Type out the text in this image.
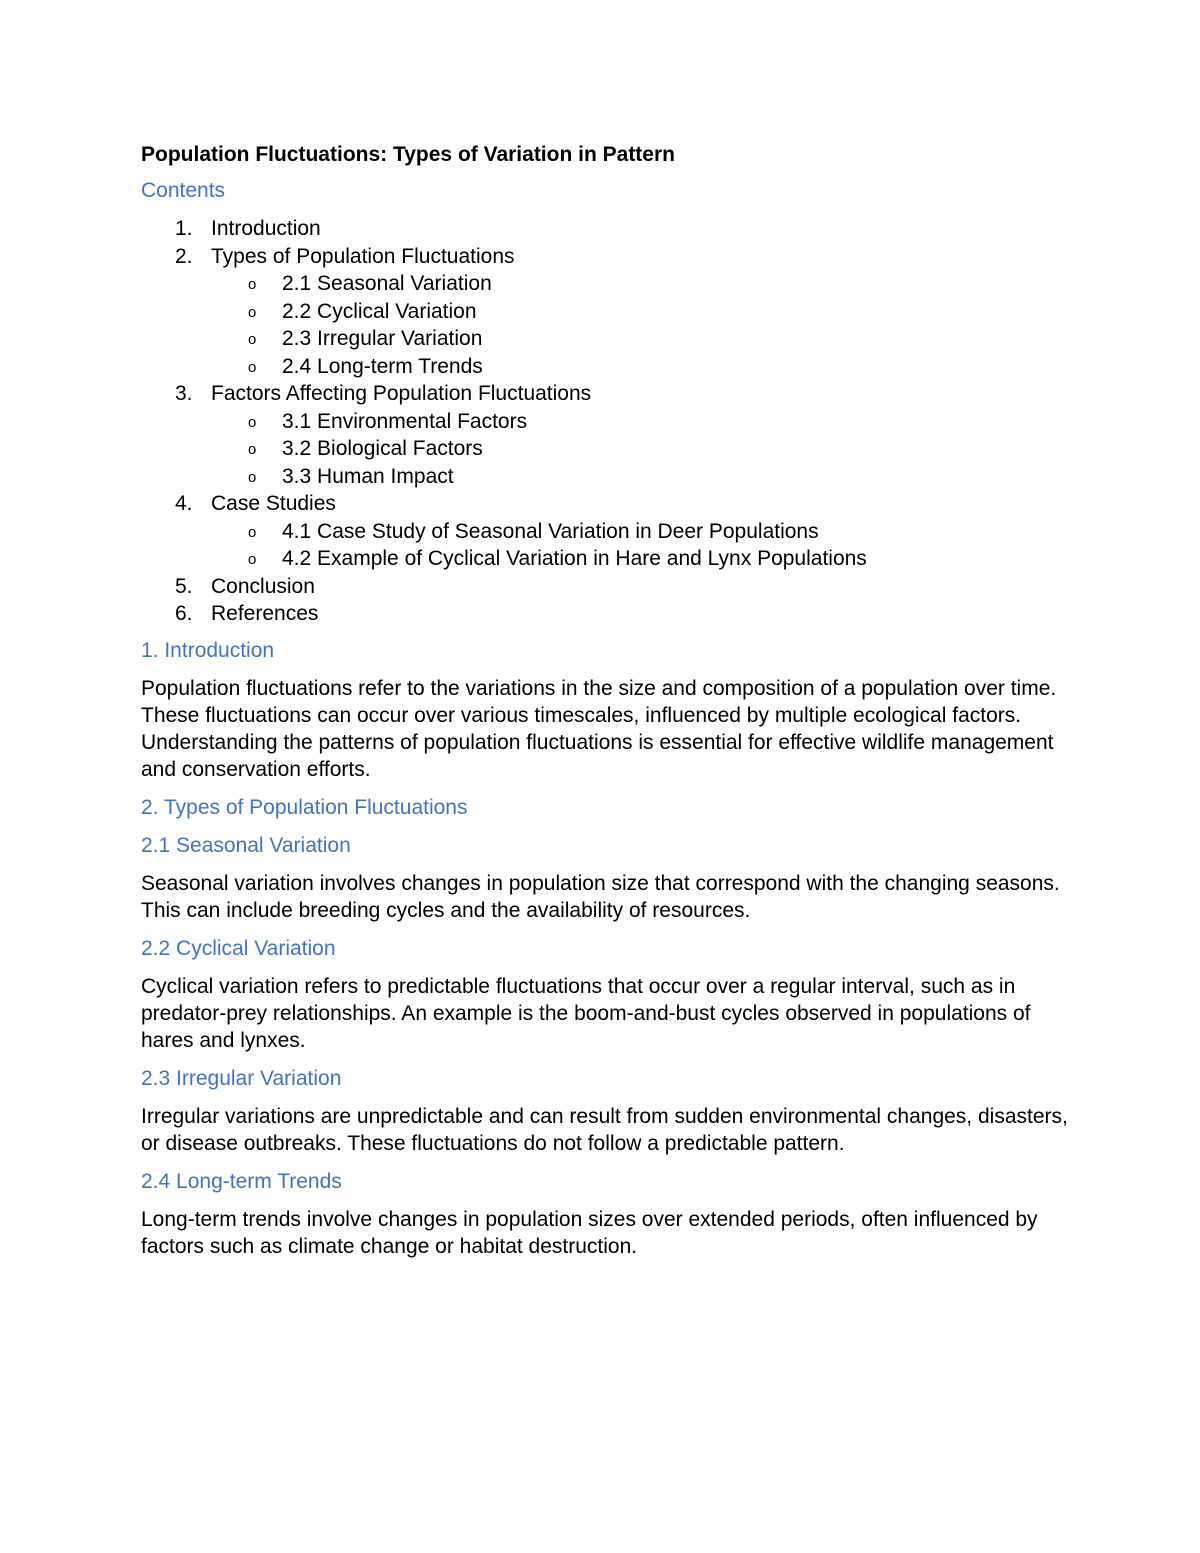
Population Fluctuations: Types of Variation in Pattern
Contents
1. Introduction
2. Types of Population Fluctuations
o 2.1 Seasonal Variation
o 2.2 Cyclical Variation
o 2.3 Irregular Variation
o 2.4 Long-term Trends
3. Factors Affecting Population Fluctuations
o 3.1 Environmental Factors
o 3.2 Biological Factors
o 3.3 Human Impact
4. Case Studies
o 4.1 Case Study of Seasonal Variation in Deer Populations
o 4.2 Example of Cyclical Variation in Hare and Lynx Populations
5. Conclusion
6. References
1. Introduction

Population fluctuations refer to the variations in the size and composition of a population over time. These fluctuations can occur over various timescales, influenced by multiple ecological factors. Understanding the patterns of population fluctuations is essential for effective wildlife management and conservation efforts.

2. Types of Population Fluctuations
2.1 Seasonal Variation

Seasonal variation involves changes in population size that correspond with the changing seasons. This can include breeding cycles and the availability of resources.

2.2 Cyclical Variation

Cyclical variation refers to predictable fluctuations that occur over a regular interval, such as in predator-prey relationships. An example is the boom-and-bust cycles observed in populations of hares and lynxes.

2.3 Irregular Variation

Irregular variations are unpredictable and can result from sudden environmental changes, disasters, or disease outbreaks. These fluctuations do not follow a predictable pattern.

2.4 Long-term Trends

Long-term trends involve changes in population sizes over extended periods, often influenced by factors such as climate change or habitat destruction.
